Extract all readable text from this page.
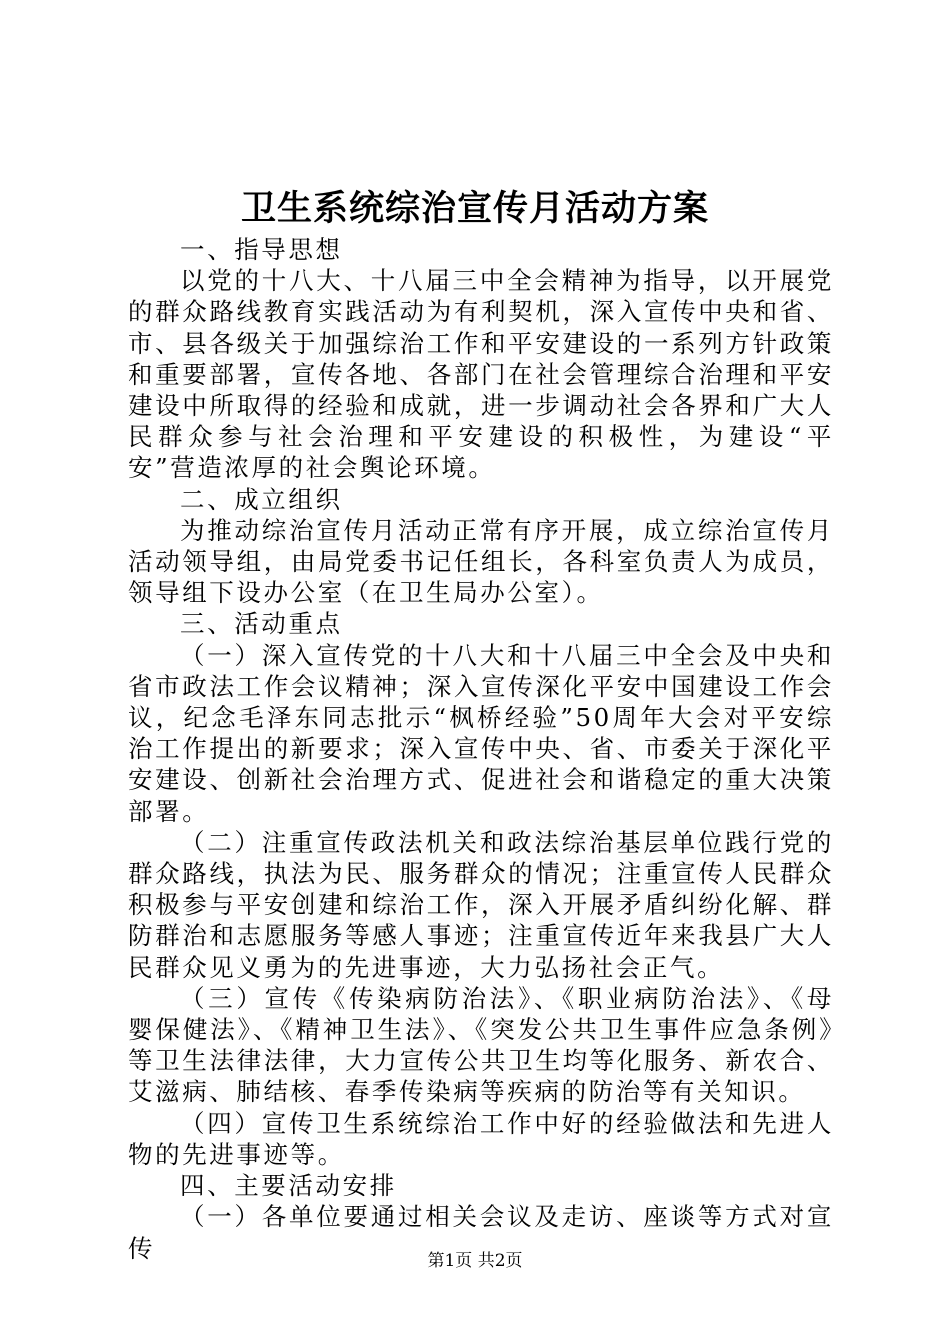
卫生系统综治宣传月活动方案

一、指导思想

以党的十八大、十八届三中全会精神为指导，以开展党的群众路线教育实践活动为有利契机，深入宣传中央和省、市、县各级关于加强综治工作和平安建设的一系列方针政策和重要部署，宣传各地、各部门在社会管理综合治理和平安建设中所取得的经验和成就，进一步调动社会各界和广大人民群众参与社会治理和平安建设的积极性，为建设“平安”营造浓厚的社会舆论环境。

二、成立组织

为推动综治宣传月活动正常有序开展，成立综治宣传月活动领导组，由局党委书记任组长，各科室负责人为成员，领导组下设办公室（在卫生局办公室）。

三、活动重点

（一）深入宣传党的十八大和十八届三中全会及中央和省市政法工作会议精神；深入宣传深化平安中国建设工作会议，纪念毛泽东同志批示“枫桥经验”50周年大会对平安综治工作提出的新要求；深入宣传中央、省、市委关于深化平安建设、创新社会治理方式、促进社会和谐稳定的重大决策部署。

（二）注重宣传政法机关和政法综治基层单位践行党的群众路线，执法为民、服务群众的情况；注重宣传人民群众积极参与平安创建和综治工作，深入开展矛盾纠纷化解、群防群治和志愿服务等感人事迹；注重宣传近年来我县广大人民群众见义勇为的先进事迹，大力弘扬社会正气。

（三）宣传《传染病防治法》、《职业病防治法》、《母婴保健法》、《精神卫生法》、《突发公共卫生事件应急条例》等卫生法律法律，大力宣传公共卫生均等化服务、新农合、艾滋病、肺结核、春季传染病等疾病的防治等有关知识。

（四）宣传卫生系统综治工作中好的经验做法和先进人物的先进事迹等。

四、主要活动安排

（一）各单位要通过相关会议及走访、座谈等方式对宣传	第1页 共2页
